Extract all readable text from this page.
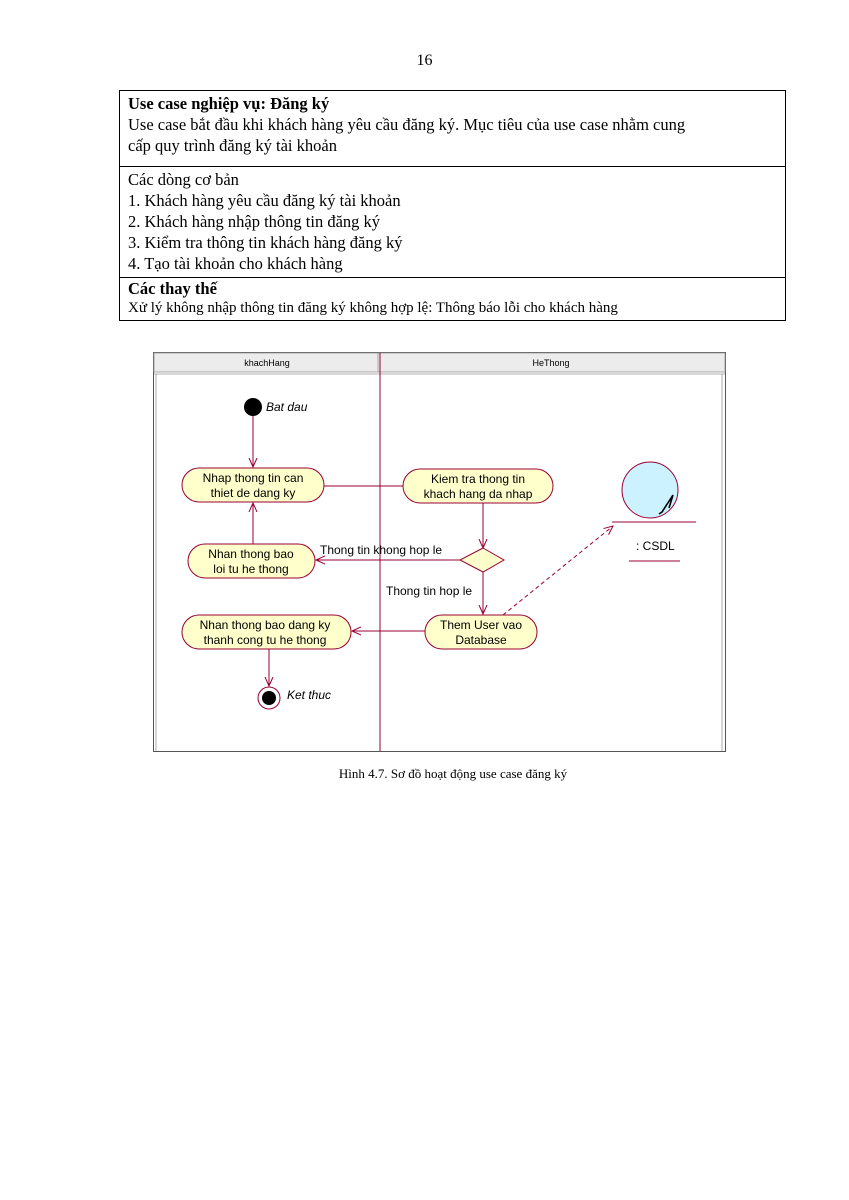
16
Use case nghiệp vụ: Đăng ký
Use case bắt đầu khi khách hàng yêu cầu đăng ký. Mục tiêu của use case nhằm cung
cấp quy trình đăng ký tài khoản
Các dòng cơ bản
1. Khách hàng yêu cầu đăng ký tài khoản
2. Khách hàng nhập thông tin đăng ký
3. Kiểm tra thông tin khách hàng đăng ký
4. Tạo tài khoản cho khách hàng
Các thay thế
Xử lý không nhập thông tin đăng ký không hợp lệ: Thông báo lỗi cho khách hàng
khachHang	HeThong
Bat dau
Nhap thong tin can
thiet de dang ky
Kiem tra thong tin
khach hang da nhap
Thong tin khong hop le
Thong tin hop le
Nhan thong bao
loi tu he thong
Them User vao
Database
Nhan thong bao dang ky
thanh cong tu he thong
Ket thuc
: CSDL
Hình 4.7. Sơ đồ hoạt động use case đăng ký
